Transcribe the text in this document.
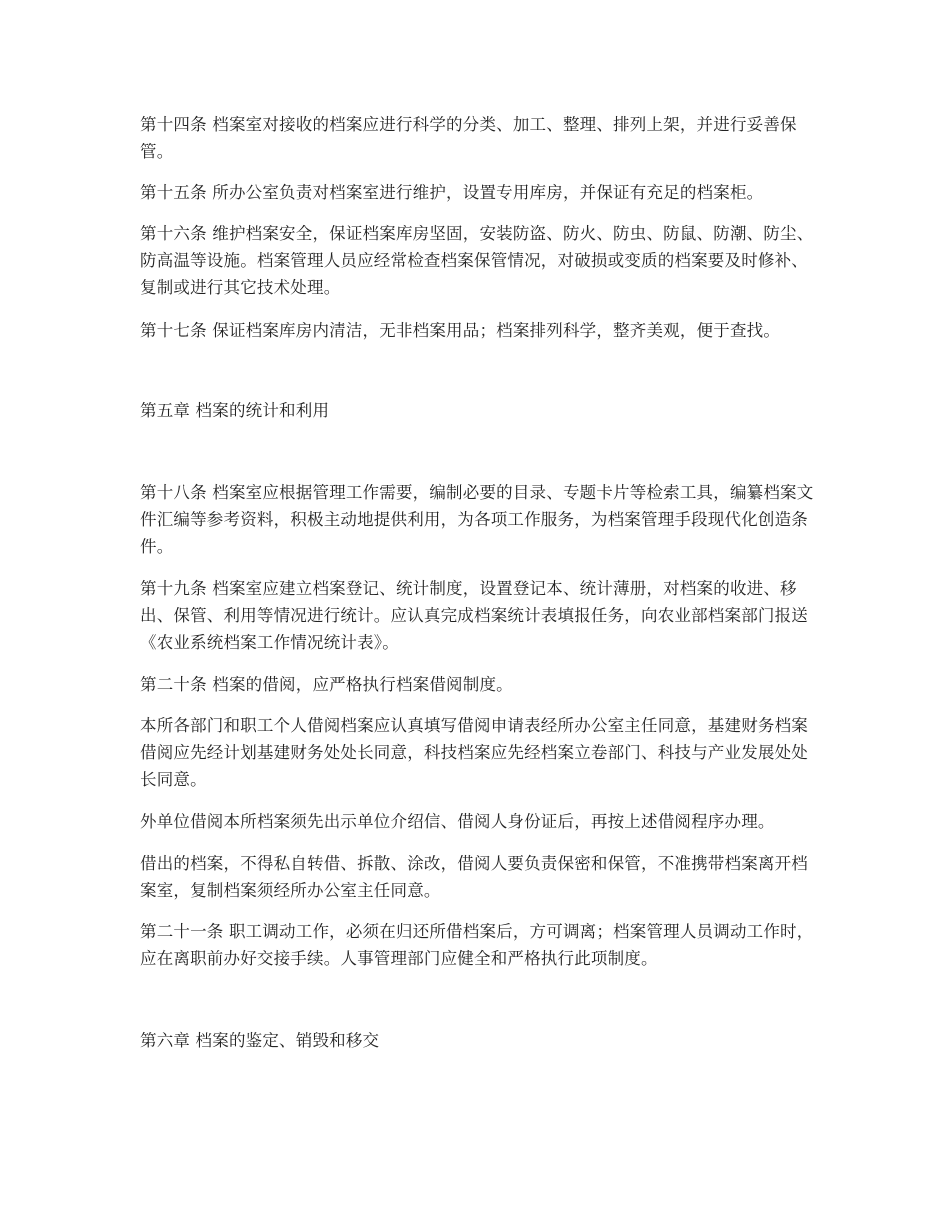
第十四条 档案室对接收的档案应进行科学的分类、加工、整理、排列上架，并进行妥善保管。

第十五条 所办公室负责对档案室进行维护，设置专用库房，并保证有充足的档案柜。

第十六条 维护档案安全，保证档案库房坚固，安装防盗、防火、防虫、防鼠、防潮、防尘、防高温等设施。档案管理人员应经常检查档案保管情况，对破损或变质的档案要及时修补、复制或进行其它技术处理。

第十七条 保证档案库房内清洁，无非档案用品；档案排列科学，整齐美观，便于查找。

第五章 档案的统计和利用

第十八条 档案室应根据管理工作需要，编制必要的目录、专题卡片等检索工具，编纂档案文件汇编等参考资料，积极主动地提供利用，为各项工作服务，为档案管理手段现代化创造条件。

第十九条 档案室应建立档案登记、统计制度，设置登记本、统计薄册，对档案的收进、移出、保管、利用等情况进行统计。应认真完成档案统计表填报任务，向农业部档案部门报送《农业系统档案工作情况统计表》。

第二十条 档案的借阅，应严格执行档案借阅制度。

本所各部门和职工个人借阅档案应认真填写借阅申请表经所办公室主任同意，基建财务档案借阅应先经计划基建财务处处长同意，科技档案应先经档案立卷部门、科技与产业发展处处长同意。

外单位借阅本所档案须先出示单位介绍信、借阅人身份证后，再按上述借阅程序办理。

借出的档案，不得私自转借、拆散、涂改，借阅人要负责保密和保管，不准携带档案离开档案室，复制档案须经所办公室主任同意。

第二十一条 职工调动工作，必须在归还所借档案后，方可调离；档案管理人员调动工作时，应在离职前办好交接手续。人事管理部门应健全和严格执行此项制度。

第六章 档案的鉴定、销毁和移交
